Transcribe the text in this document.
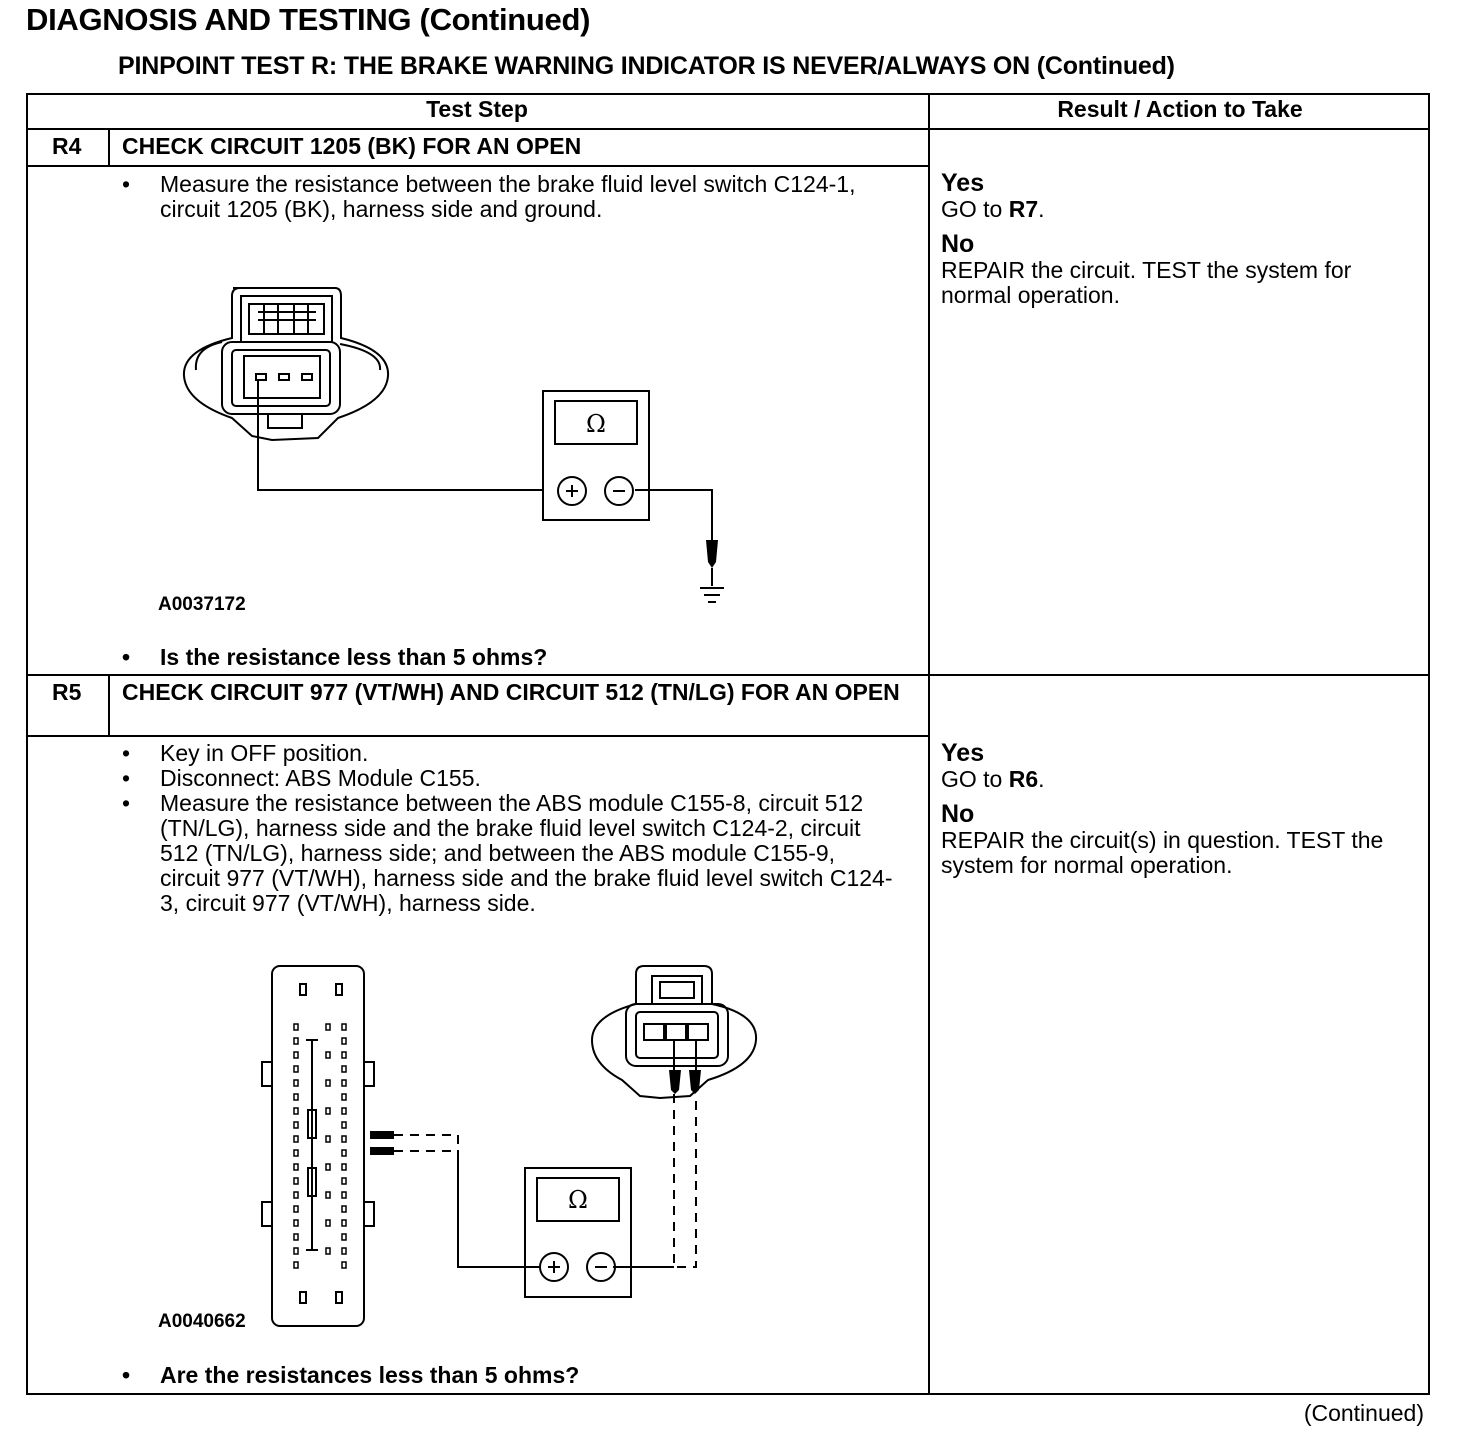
DIAGNOSIS AND TESTING (Continued)
PINPOINT TEST R: THE BRAKE WARNING INDICATOR IS NEVER/ALWAYS ON (Continued)
Test Step	Result / Action to Take
R4 CHECK CIRCUIT 1205 (BK) FOR AN OPEN
• Measure the resistance between the brake fluid level switch C124-1, circuit 1205 (BK), harness side and ground.
Ω
A0037172
• Is the resistance less than 5 ohms?
Yes
GO to R7.
No
REPAIR the circuit. TEST the system for normal operation.
R5 CHECK CIRCUIT 977 (VT/WH) AND CIRCUIT 512 (TN/LG) FOR AN OPEN
• Key in OFF position.
• Disconnect: ABS Module C155.
• Measure the resistance between the ABS module C155-8, circuit 512 (TN/LG), harness side and the brake fluid level switch C124-2, circuit 512 (TN/LG), harness side; and between the ABS module C155-9, circuit 977 (VT/WH), harness side and the brake fluid level switch C124-3, circuit 977 (VT/WH), harness side.
Ω
A0040662
• Are the resistances less than 5 ohms?
Yes
GO to R6.
No
REPAIR the circuit(s) in question. TEST the system for normal operation.
(Continued)
